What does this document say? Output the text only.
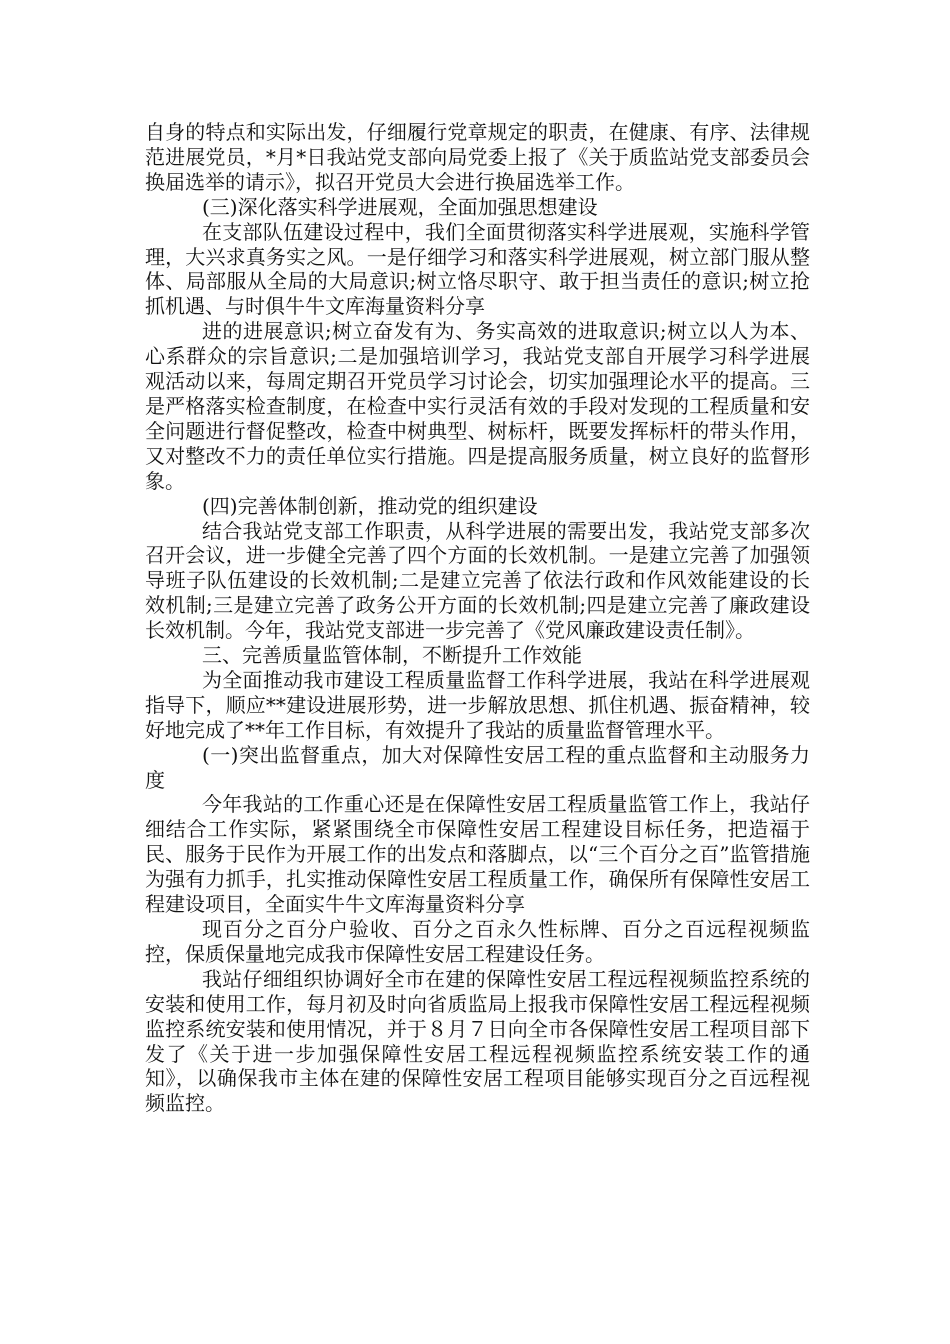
自身的特点和实际出发，仔细履行党章规定的职责，在健康、有序、法律规范进展党员，*月*日我站党支部向局党委上报了《关于质监站党支部委员会换届选举的请示》，拟召开党员大会进行换届选举工作。

(三)深化落实科学进展观，全面加强思想建设

在支部队伍建设过程中，我们全面贯彻落实科学进展观，实施科学管理，大兴求真务实之风。一是仔细学习和落实科学进展观，树立部门服从整体、局部服从全局的大局意识;树立恪尽职守、敢于担当责任的意识;树立抢抓机遇、与时俱牛牛文库海量资料分享

进的进展意识;树立奋发有为、务实高效的进取意识;树立以人为本、心系群众的宗旨意识;二是加强培训学习，我站党支部自开展学习科学进展观活动以来，每周定期召开党员学习讨论会，切实加强理论水平的提高。三是严格落实检查制度，在检查中实行灵活有效的手段对发现的工程质量和安全问题进行督促整改，检查中树典型、树标杆，既要发挥标杆的带头作用，又对整改不力的责任单位实行措施。四是提高服务质量，树立良好的监督形象。

(四)完善体制创新，推动党的组织建设

结合我站党支部工作职责，从科学进展的需要出发，我站党支部多次召开会议，进一步健全完善了四个方面的长效机制。一是建立完善了加强领导班子队伍建设的长效机制;二是建立完善了依法行政和作风效能建设的长效机制;三是建立完善了政务公开方面的长效机制;四是建立完善了廉政建设长效机制。今年，我站党支部进一步完善了《党风廉政建设责任制》。

三、完善质量监管体制，不断提升工作效能

为全面推动我市建设工程质量监督工作科学进展，我站在科学进展观指导下，顺应**建设进展形势，进一步解放思想、抓住机遇、振奋精神，较好地完成了**年工作目标，有效提升了我站的质量监督管理水平。

(一)突出监督重点，加大对保障性安居工程的重点监督和主动服务力度

今年我站的工作重心还是在保障性安居工程质量监管工作上，我站仔细结合工作实际，紧紧围绕全市保障性安居工程建设目标任务，把造福于民、服务于民作为开展工作的出发点和落脚点，以“三个百分之百”监管措施为强有力抓手，扎实推动保障性安居工程质量工作，确保所有保障性安居工程建设项目，全面实牛牛文库海量资料分享

现百分之百分户验收、百分之百永久性标牌、百分之百远程视频监控，保质保量地完成我市保障性安居工程建设任务。

我站仔细组织协调好全市在建的保障性安居工程远程视频监控系统的安装和使用工作，每月初及时向省质监局上报我市保障性安居工程远程视频监控系统安装和使用情况，并于８月７日向全市各保障性安居工程项目部下发了《关于进一步加强保障性安居工程远程视频监控系统安装工作的通知》，以确保我市主体在建的保障性安居工程项目能够实现百分之百远程视频监控。
